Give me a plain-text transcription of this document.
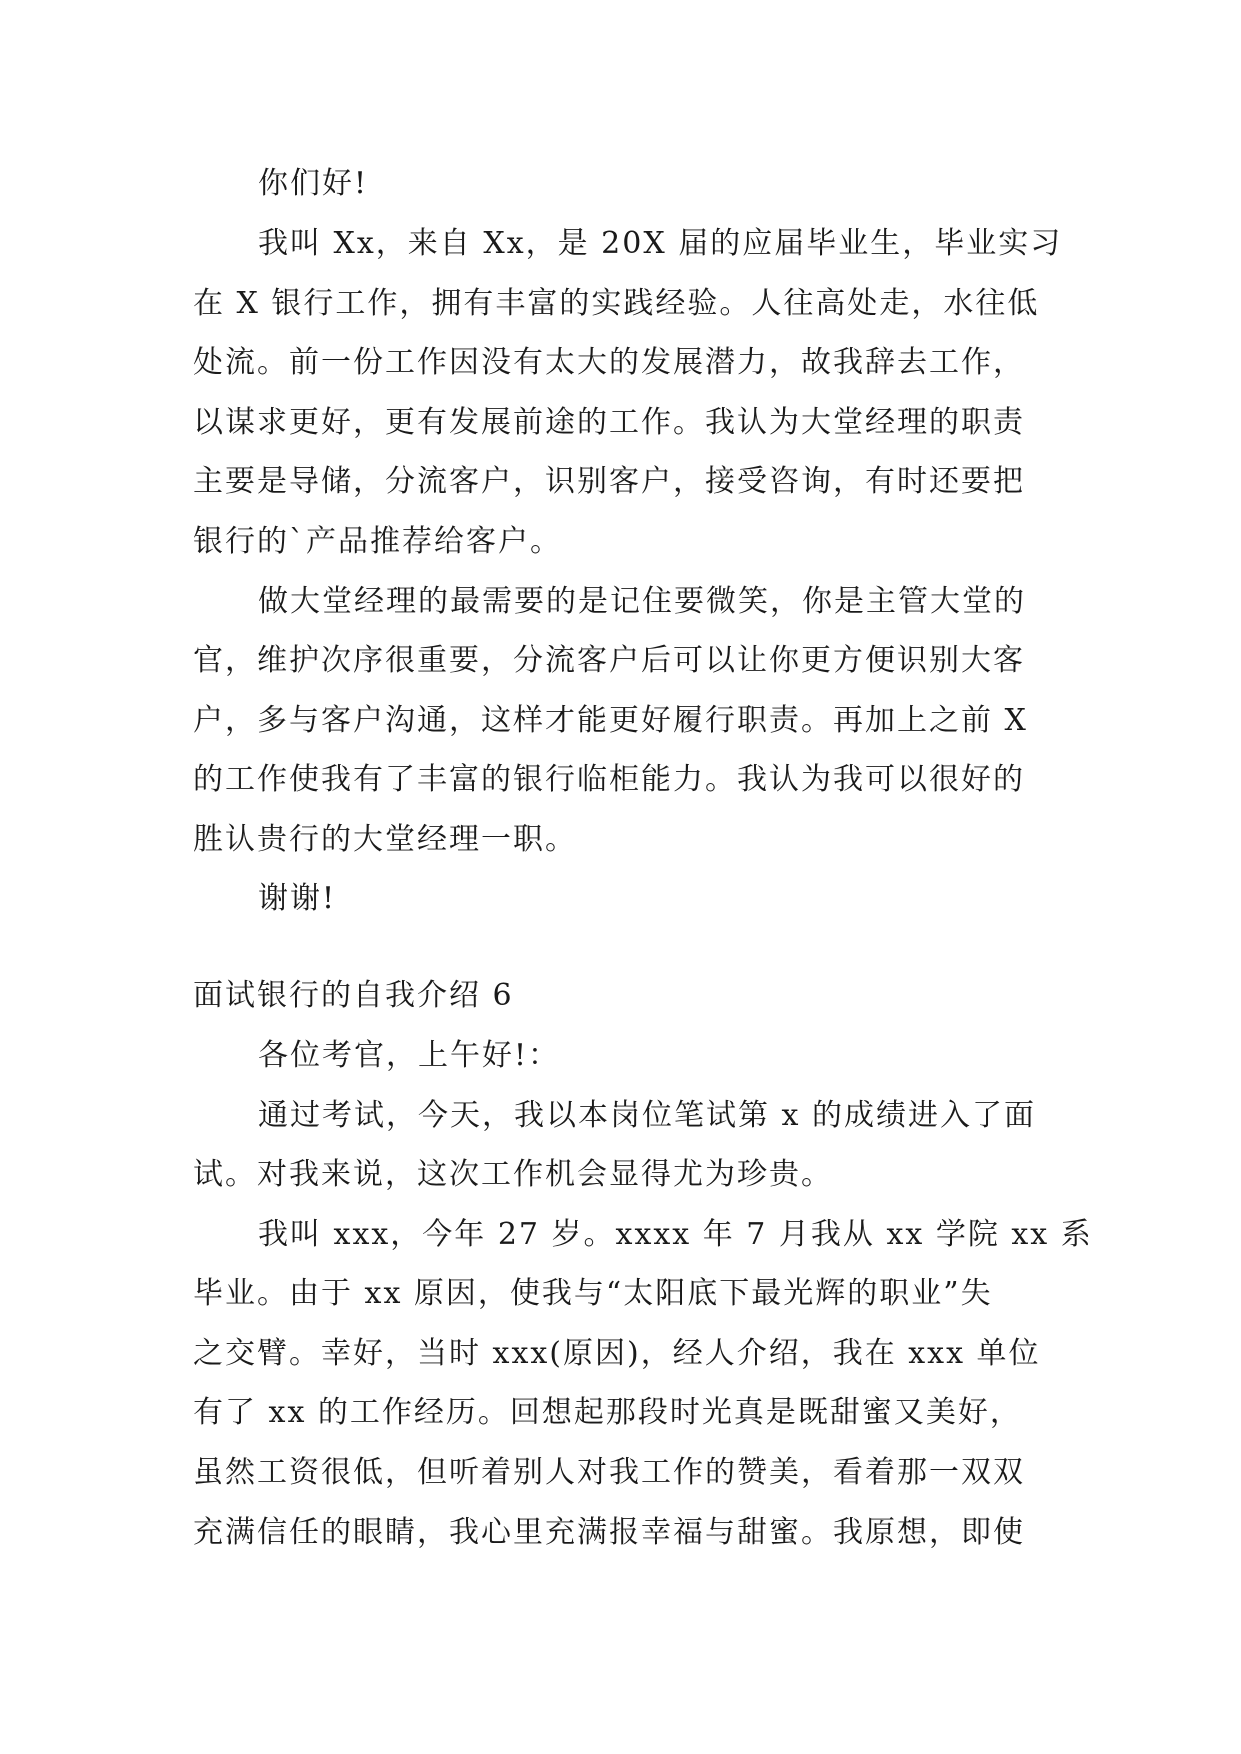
你们好!
我叫 Xx，来自 Xx，是 20X 届的应届毕业生，毕业实习
在 X 银行工作，拥有丰富的实践经验。人往高处走，水往低
处流。前一份工作因没有太大的发展潜力，故我辞去工作，
以谋求更好，更有发展前途的工作。我认为大堂经理的职责
主要是导储，分流客户，识别客户，接受咨询，有时还要把
银行的`产品推荐给客户。
做大堂经理的最需要的是记住要微笑，你是主管大堂的
官，维护次序很重要，分流客户后可以让你更方便识别大客
户，多与客户沟通，这样才能更好履行职责。再加上之前 X
的工作使我有了丰富的银行临柜能力。我认为我可以很好的
胜认贵行的大堂经理一职。
谢谢!
面试银行的自我介绍 6
各位考官，上午好!：
通过考试，今天，我以本岗位笔试第 x 的成绩进入了面
试。对我来说，这次工作机会显得尤为珍贵。
我叫 xxx，今年 27 岁。xxxx 年 7 月我从 xx 学院 xx 系
毕业。由于 xx 原因，使我与“太阳底下最光辉的职业”失
之交臂。幸好，当时 xxx(原因)，经人介绍，我在 xxx 单位
有了 xx 的工作经历。回想起那段时光真是既甜蜜又美好，
虽然工资很低，但听着别人对我工作的赞美，看着那一双双
充满信任的眼睛，我心里充满报幸福与甜蜜。我原想，即使
